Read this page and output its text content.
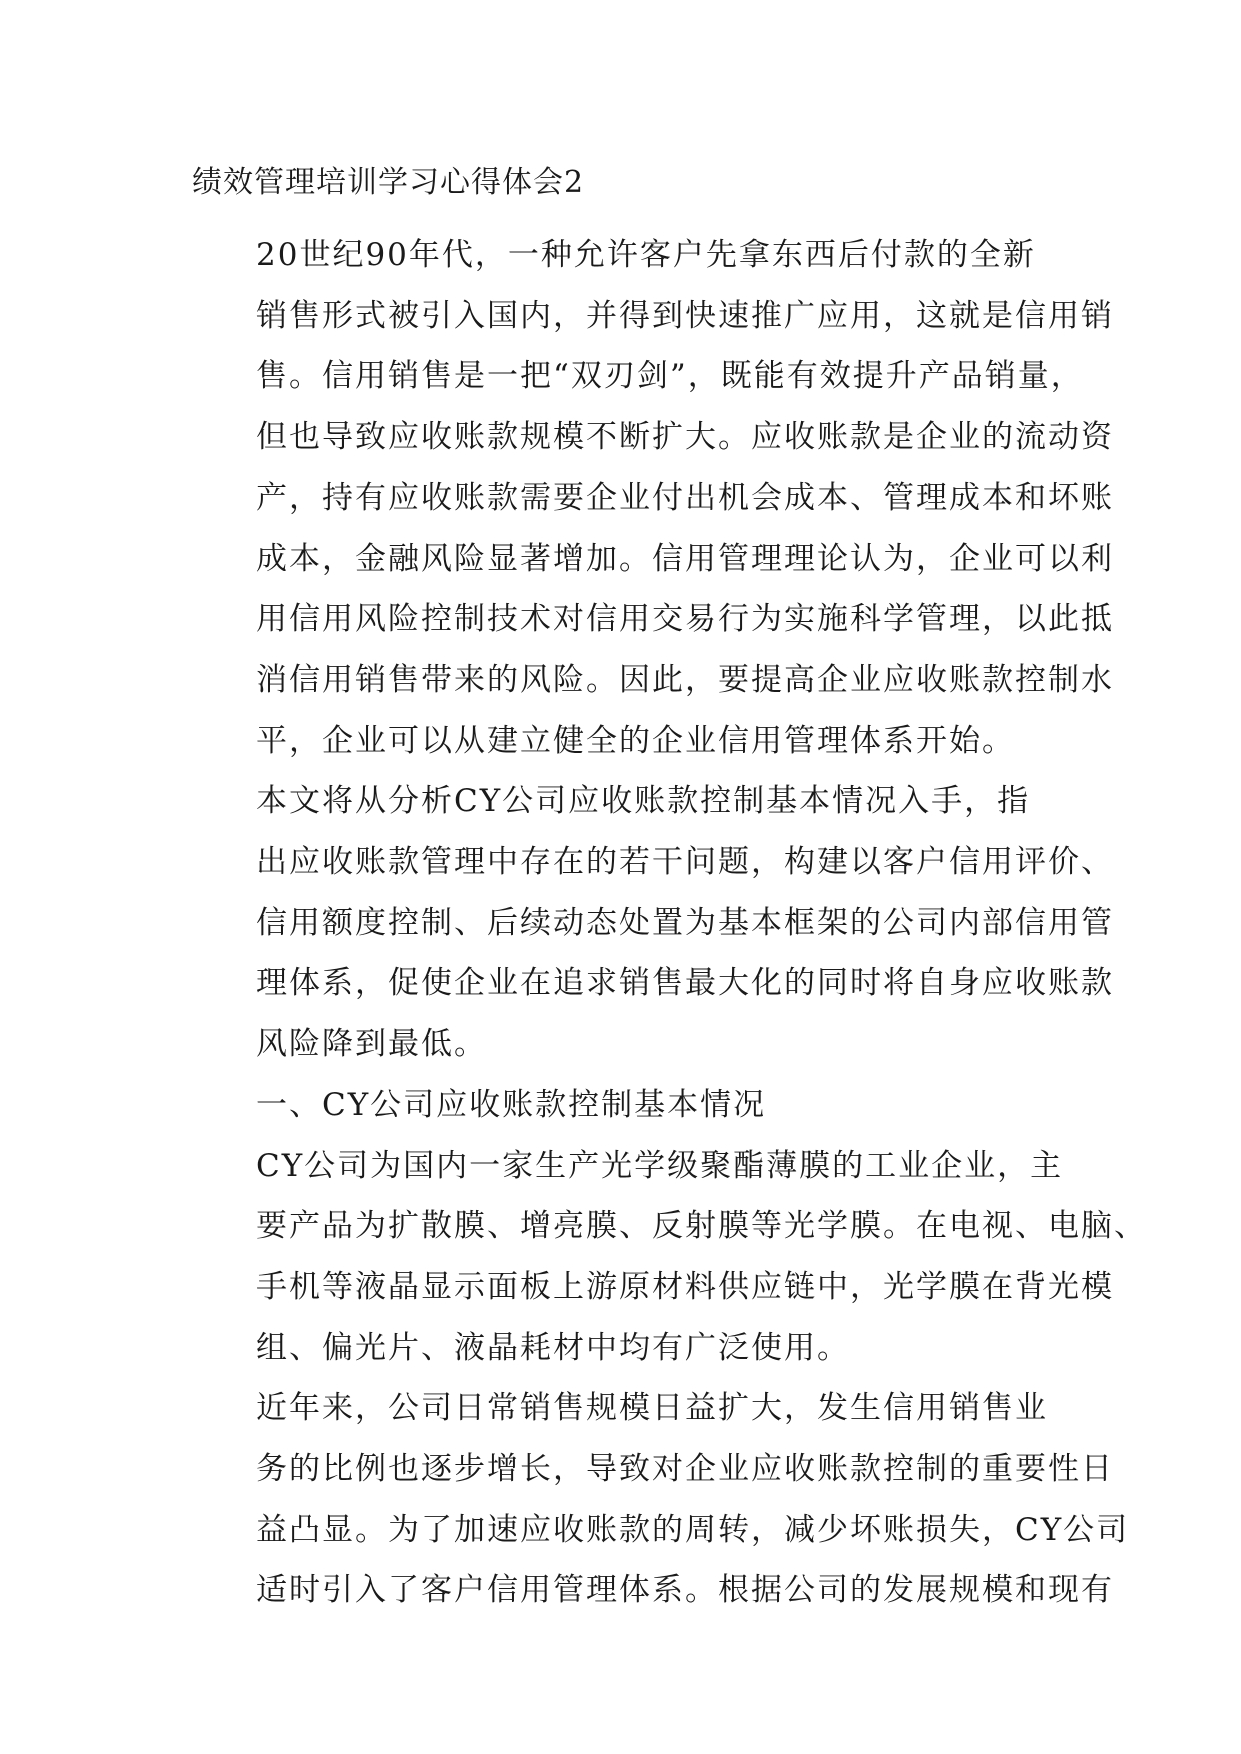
绩效管理培训学习心得体会2

20世纪90年代，一种允许客户先拿东西后付款的全新
销售形式被引入国内，并得到快速推广应用，这就是信用销
售。信用销售是一把“双刃剑”，既能有效提升产品销量，
但也导致应收账款规模不断扩大。应收账款是企业的流动资
产，持有应收账款需要企业付出机会成本、管理成本和坏账
成本，金融风险显著增加。信用管理理论认为，企业可以利
用信用风险控制技术对信用交易行为实施科学管理，以此抵
消信用销售带来的风险。因此，要提高企业应收账款控制水
平，企业可以从建立健全的企业信用管理体系开始。

本文将从分析CY公司应收账款控制基本情况入手，指
出应收账款管理中存在的若干问题，构建以客户信用评价、
信用额度控制、后续动态处置为基本框架的公司内部信用管
理体系，促使企业在追求销售最大化的同时将自身应收账款
风险降到最低。

一、CY公司应收账款控制基本情况

CY公司为国内一家生产光学级聚酯薄膜的工业企业，主
要产品为扩散膜、增亮膜、反射膜等光学膜。在电视、电脑、
手机等液晶显示面板上游原材料供应链中，光学膜在背光模
组、偏光片、液晶耗材中均有广泛使用。

近年来，公司日常销售规模日益扩大，发生信用销售业
务的比例也逐步增长，导致对企业应收账款控制的重要性日
益凸显。为了加速应收账款的周转，减少坏账损失，CY公司
适时引入了客户信用管理体系。根据公司的发展规模和现有
